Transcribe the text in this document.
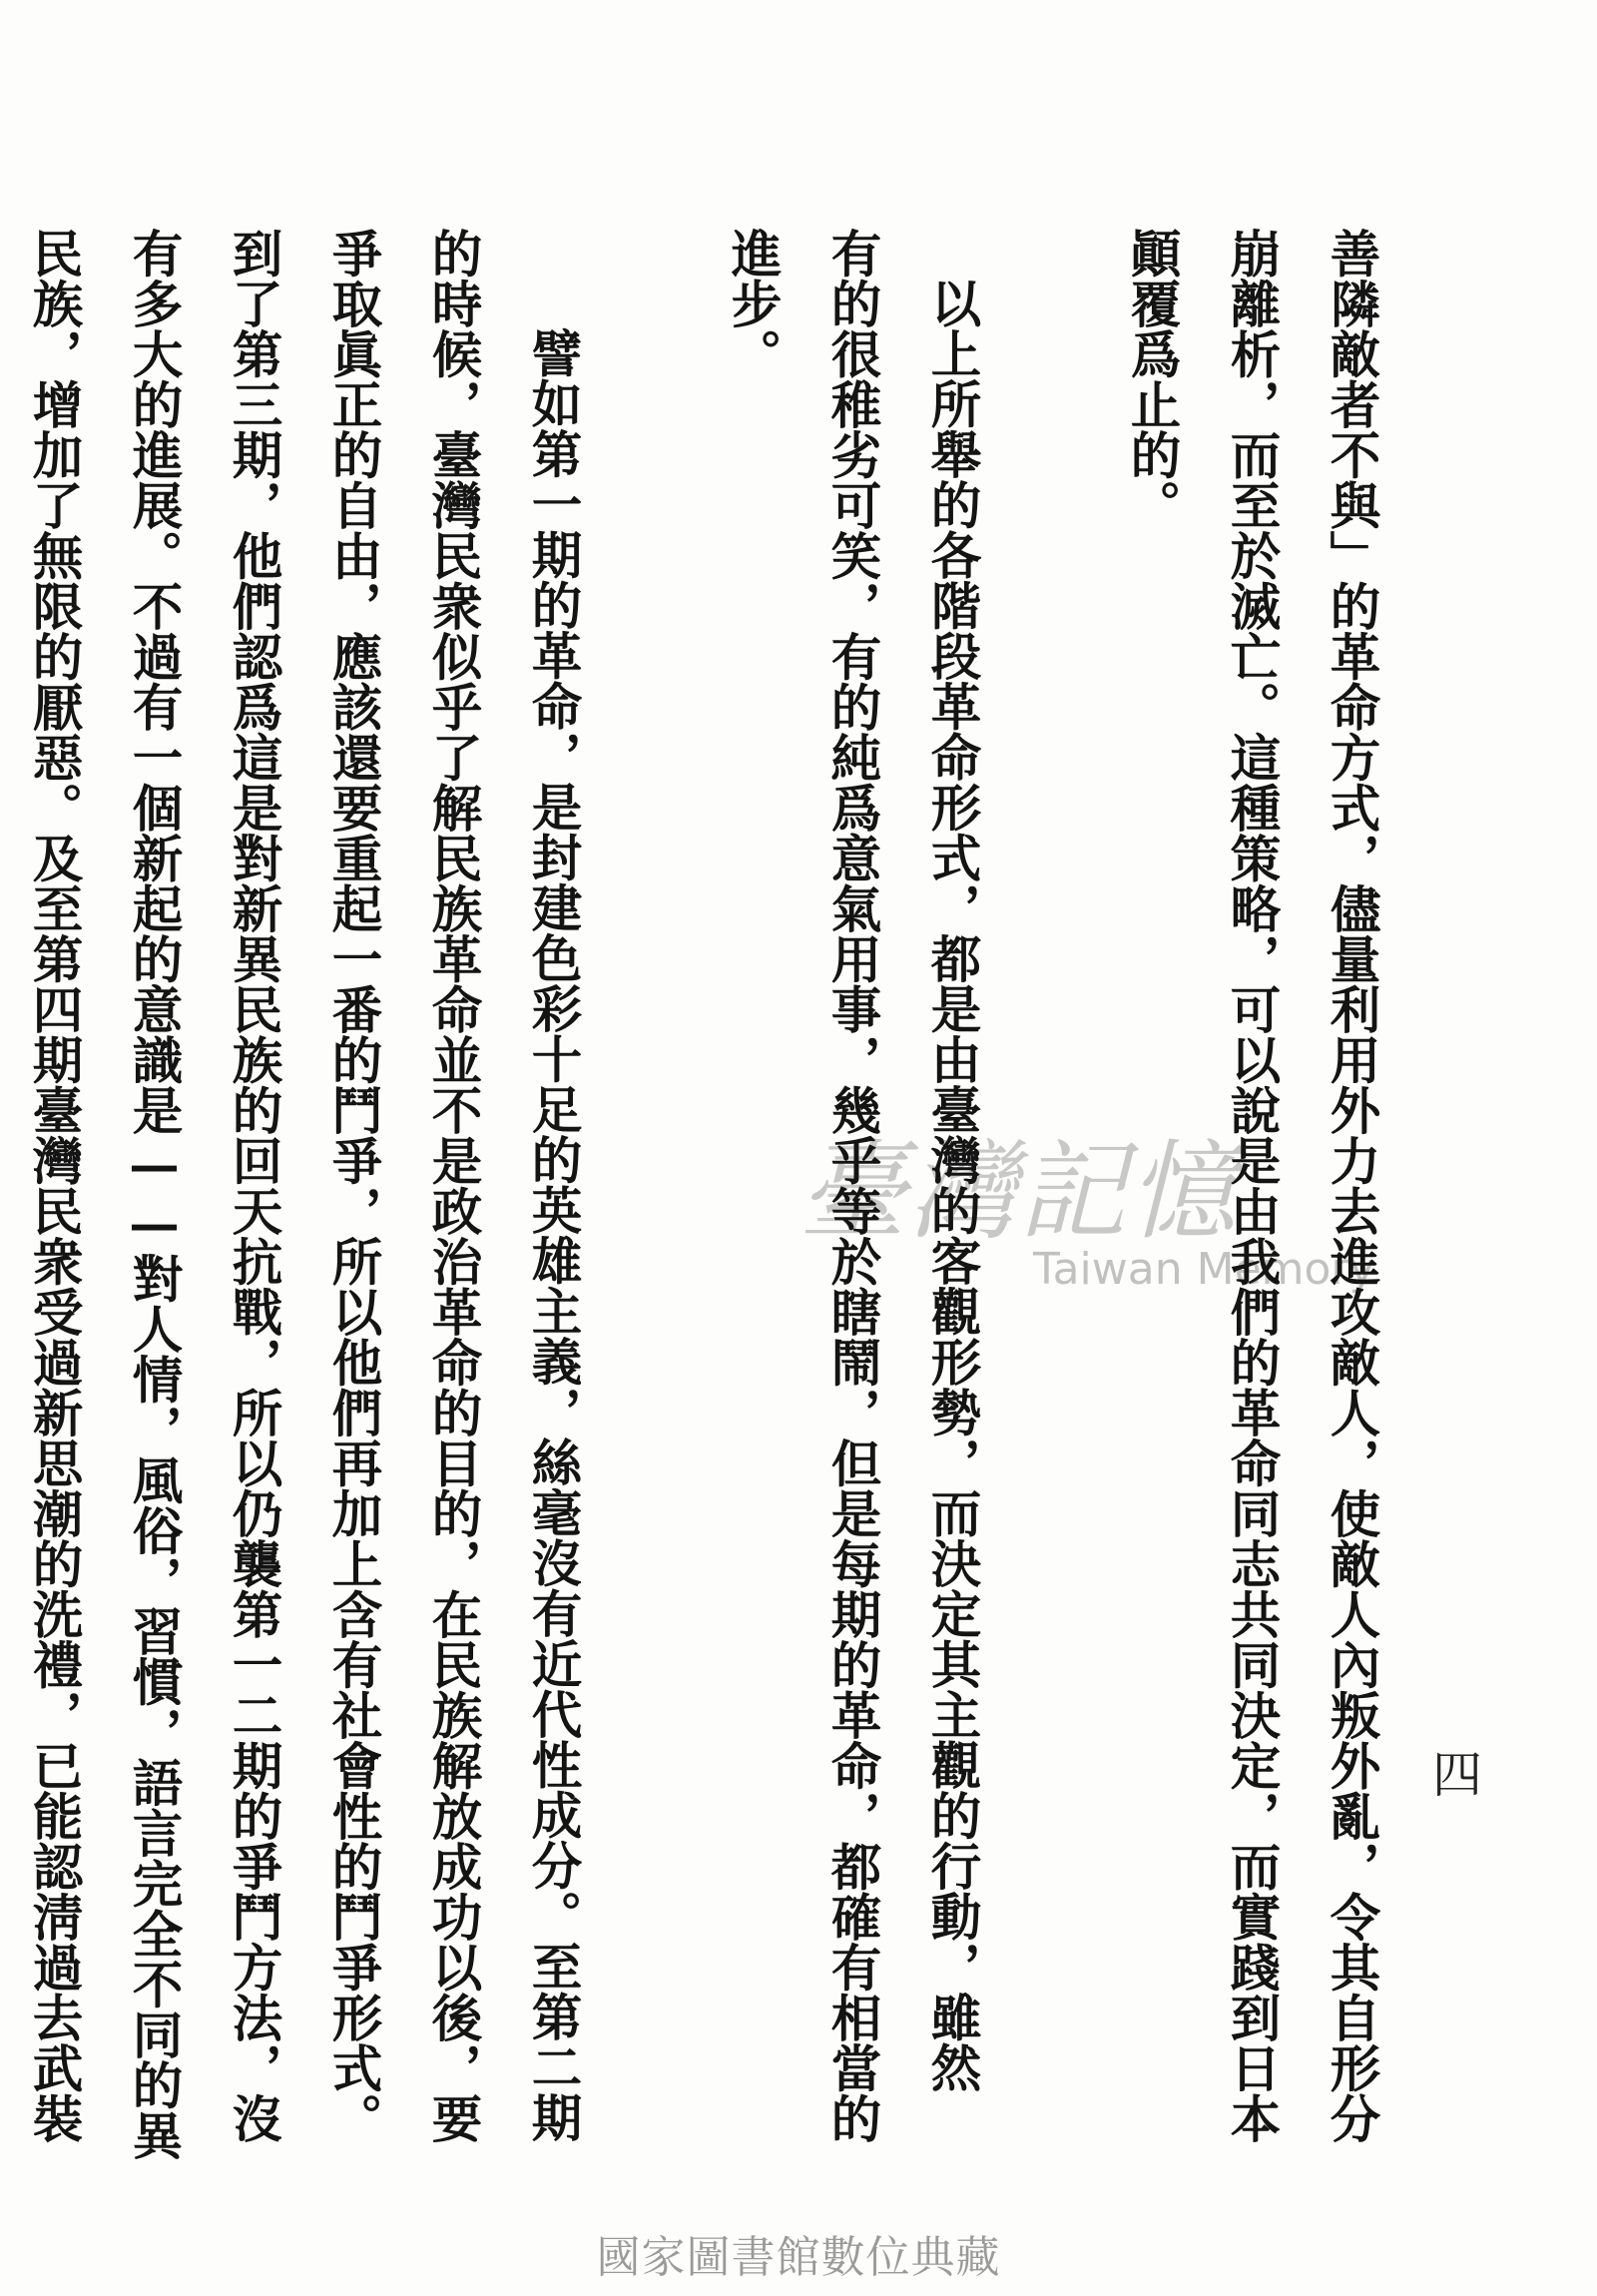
臺灣記憶
Taiwan Memory
善隣敵者不與」的革命方式，儘量利用外力去進攻敵人，使敵人內叛外亂，令其自形分
崩離析，而至於滅亡。這種策略，可以說是由我們的革命同志共同決定，而實踐到日本
顚覆爲止的。
以上所舉的各階段革命形式，都是由臺灣的客觀形勢，而決定其主觀的行動，雖然
有的很稚劣可笑，有的純爲意氣用事，幾乎等於瞎鬧，但是每期的革命，都確有相當的
進步。
譬如第一期的革命，是封建色彩十足的英雄主義，絲毫沒有近代性成分。至第二期
的時候，臺灣民衆似乎了解民族革命並不是政治革命的目的，在民族解放成功以後，要
爭取眞正的自由，應該還要重起一番的鬥爭，所以他們再加上含有社會性的鬥爭形式。
到了第三期，他們認爲這是對新異民族的回天抗戰，所以仍襲第一二期的爭鬥方法，沒
有多大的進展。不過有一個新起的意識是——對人情，風俗，習慣，語言完全不同的異
民族，增加了無限的厭惡。及至第四期臺灣民衆受過新思潮的洗禮，已能認淸過去武裝	四
國家圖書館數位典藏
